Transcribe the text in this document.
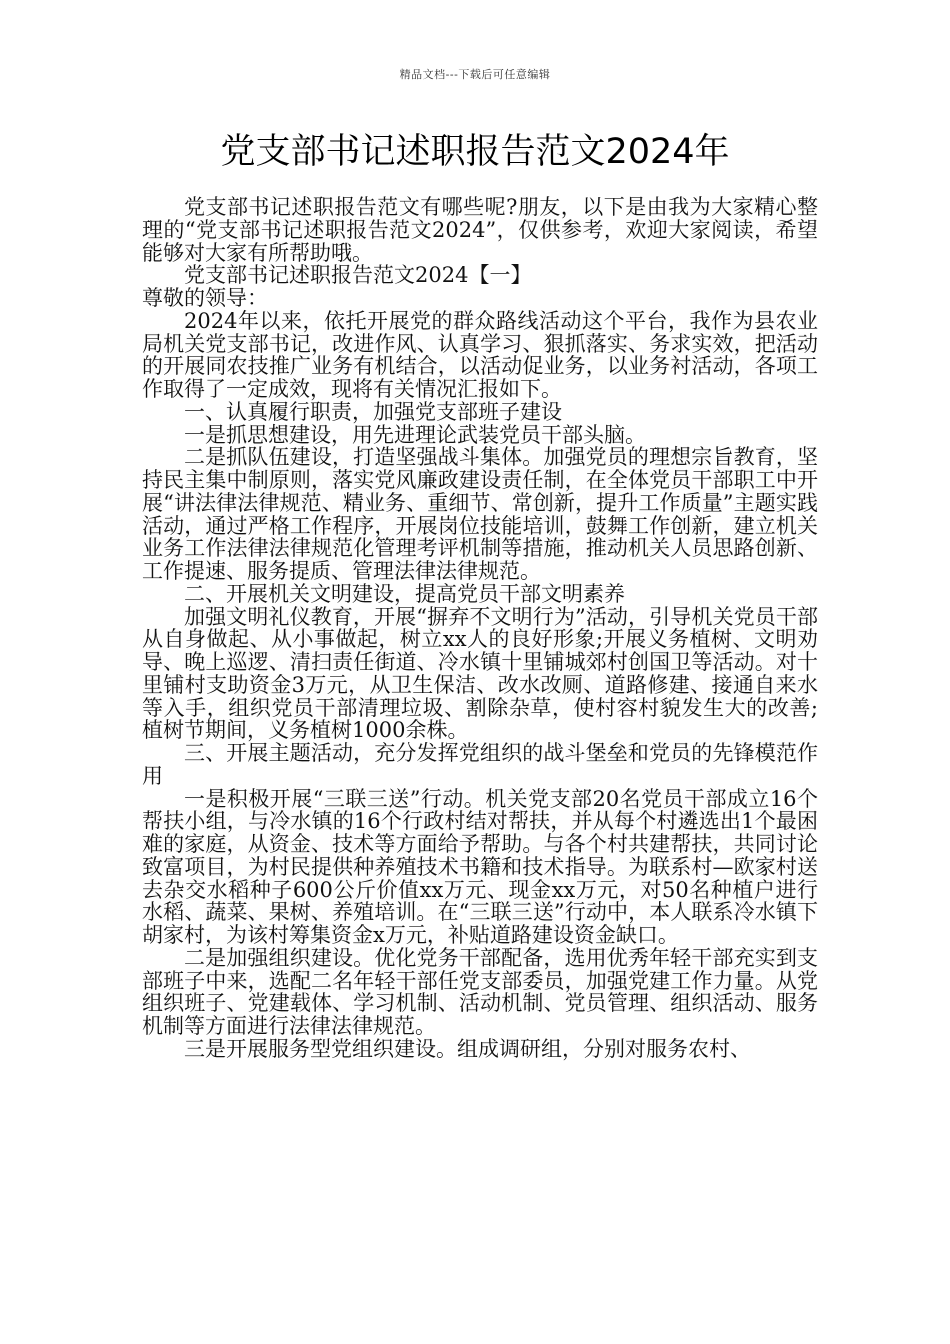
精品文档---下载后可任意编辑
党支部书记述职报告范文2024年

党支部书记述职报告范文有哪些呢?朋友，以下是由我为大家精心整理的“党支部书记述职报告范文2024”，仅供参考，欢迎大家阅读，希望能够对大家有所帮助哦。

党支部书记述职报告范文2024【一】

尊敬的领导：

2024年以来，依托开展党的群众路线活动这个平台，我作为县农业局机关党支部书记，改进作风、认真学习、狠抓落实、务求实效，把活动的开展同农技推广业务有机结合，以活动促业务，以业务衬活动，各项工作取得了一定成效，现将有关情况汇报如下。

一、认真履行职责，加强党支部班子建设

一是抓思想建设，用先进理论武装党员干部头脑。

二是抓队伍建设，打造坚强战斗集体。加强党员的理想宗旨教育，坚持民主集中制原则，落实党风廉政建设责任制，在全体党员干部职工中开展“讲法律法律规范、精业务、重细节、常创新，提升工作质量”主题实践活动，通过严格工作程序，开展岗位技能培训，鼓舞工作创新，建立机关业务工作法律法律规范化管理考评机制等措施，推动机关人员思路创新、工作提速、服务提质、管理法律法律规范。

二、开展机关文明建设，提高党员干部文明素养

加强文明礼仪教育，开展“摒弃不文明行为”活动，引导机关党员干部从自身做起、从小事做起，树立xx人的良好形象;开展义务植树、文明劝导、晚上巡逻、清扫责任街道、冷水镇十里铺城郊村创国卫等活动。对十里铺村支助资金3万元，从卫生保洁、改水改厕、道路修建、接通自来水等入手，组织党员干部清理垃圾、割除杂草，使村容村貌发生大的改善;植树节期间，义务植树1000余株。

三、开展主题活动，充分发挥党组织的战斗堡垒和党员的先锋模范作用

一是积极开展“三联三送”行动。机关党支部20名党员干部成立16个帮扶小组，与冷水镇的16个行政村结对帮扶，并从每个村遴选出1个最困难的家庭，从资金、技术等方面给予帮助。与各个村共建帮扶，共同讨论致富项目，为村民提供种养殖技术书籍和技术指导。为联系村—欧家村送去杂交水稻种子600公斤价值xx万元、现金xx万元，对50名种植户进行水稻、蔬菜、果树、养殖培训。在“三联三送”行动中，本人联系冷水镇下胡家村，为该村筹集资金x万元，补贴道路建设资金缺口。

二是加强组织建设。优化党务干部配备，选用优秀年轻干部充实到支部班子中来，选配二名年轻干部任党支部委员，加强党建工作力量。从党组织班子、党建载体、学习机制、活动机制、党员管理、组织活动、服务机制等方面进行法律法律规范。

三是开展服务型党组织建设。组成调研组，分别对服务农村、
